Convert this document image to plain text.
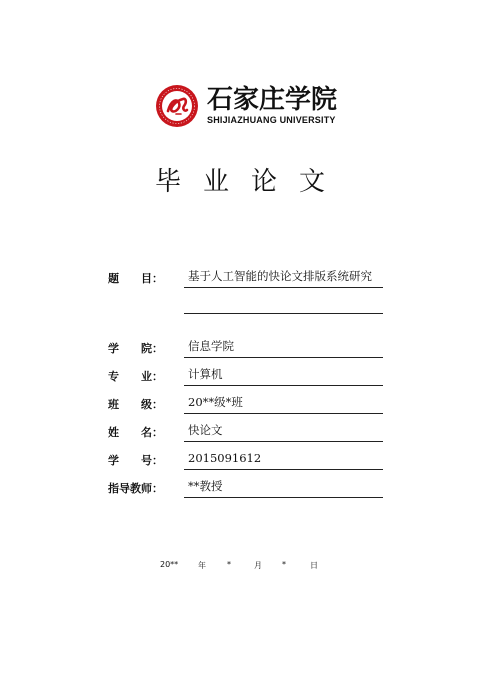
石家庄学院
SHIJIAZHUANG UNIVERSITY
毕业论文
题　　目：	基于人工智能的快论文排版系统研究
学　　院：	信息学院
专　　业：	计算机
班　　级：	20**级*班
姓　　名：	快论文
学　　号：	2015091612
指导教师：	**教授
20** 年	*	月	*	日
